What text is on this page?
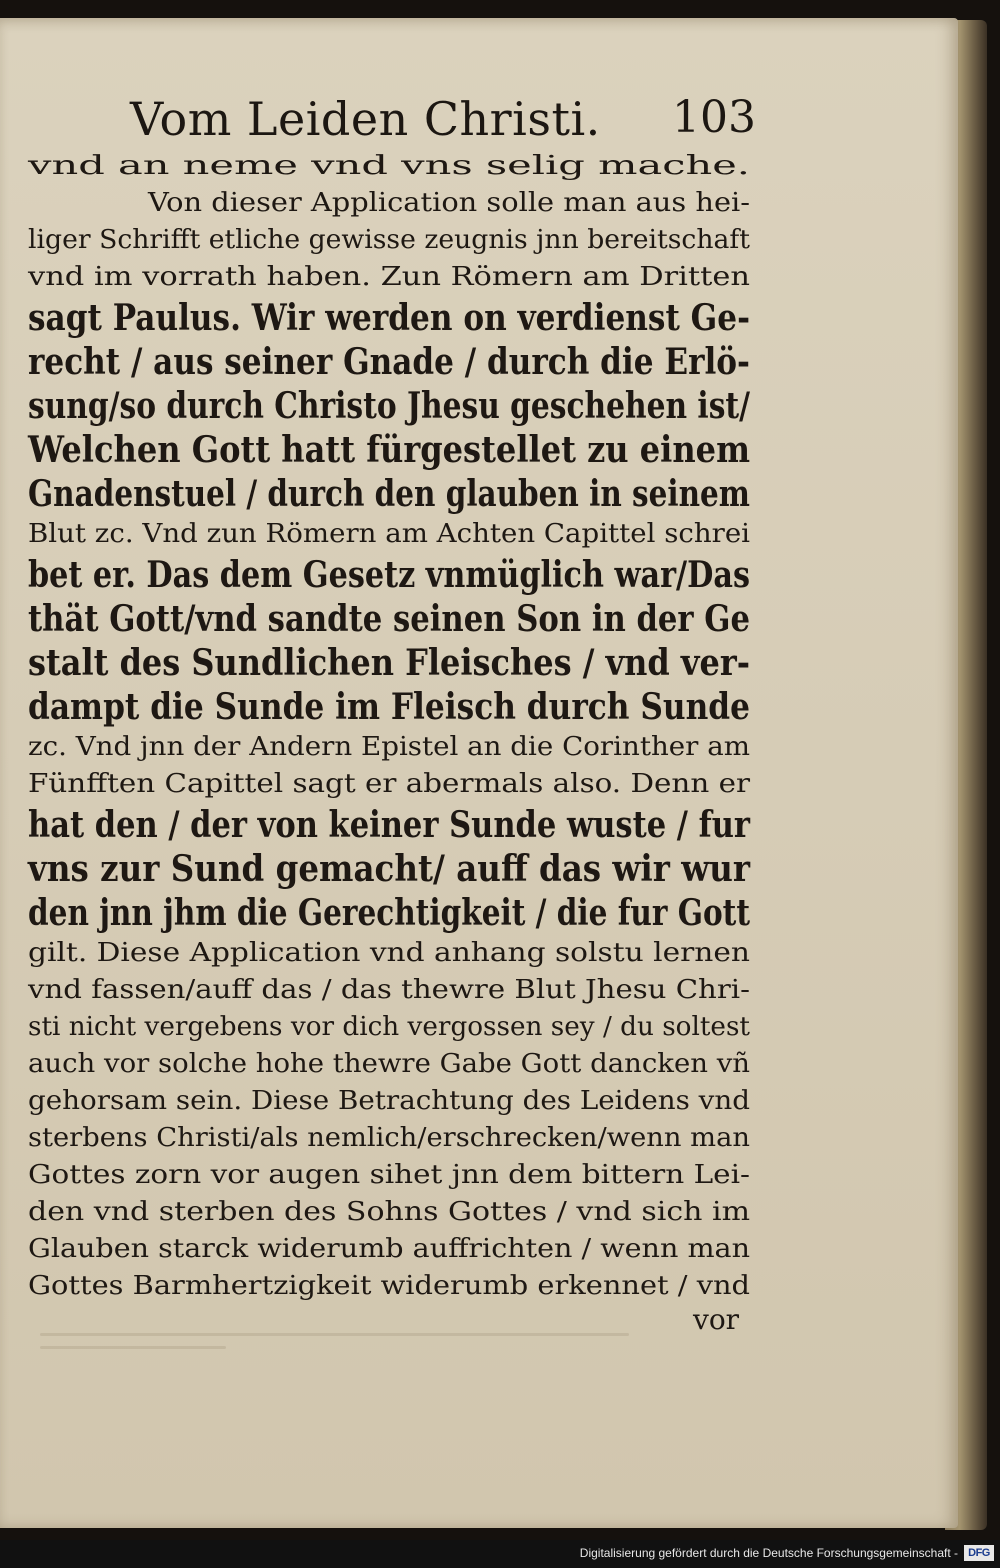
Vom Leiden Christi. 103
vnd an neme vnd vns selig mache.
Von dieser Application solle man aus hei-
liger Schrifft etliche gewisse zeugnis jnn bereitschaft
vnd im vorrath haben. Zun Römern am Dritten
sagt Paulus. Wir werden on verdienst Ge-
recht / aus seiner Gnade / durch die Erlö-
sung/so durch Christo Jhesu geschehen ist/
Welchen Gott hatt fürgestellet zu einem
Gnadenstuel / durch den glauben in seinem
Blut zc. Vnd zun Römern am Achten Capittel schrei
bet er. Das dem Gesetz vnmüglich war/Das
thät Gott/vnd sandte seinen Son in der Ge
stalt des Sundlichen Fleisches / vnd ver-
dampt die Sunde im Fleisch durch Sunde
zc. Vnd jnn der Andern Epistel an die Corinther am
Fünfften Capittel sagt er abermals also. Denn er
hat den / der von keiner Sunde wuste / fur
vns zur Sund gemacht/ auff das wir wur
den jnn jhm die Gerechtigkeit / die fur Gott
gilt. Diese Application vnd anhang solstu lernen
vnd fassen/auff das / das thewre Blut Jhesu Chri-
sti nicht vergebens vor dich vergossen sey / du soltest
auch vor solche hohe thewre Gabe Gott dancken vñ
gehorsam sein. Diese Betrachtung des Leidens vnd
sterbens Christi/als nemlich/erschrecken/wenn man
Gottes zorn vor augen sihet jnn dem bittern Lei-
den vnd sterben des Sohns Gottes / vnd sich im
Glauben starck widerumb auffrichten / wenn man
Gottes Barmhertzigkeit widerumb erkennet / vnd
vor
Digitalisierung gefördert durch die Deutsche Forschungsgemeinschaft - DFG
